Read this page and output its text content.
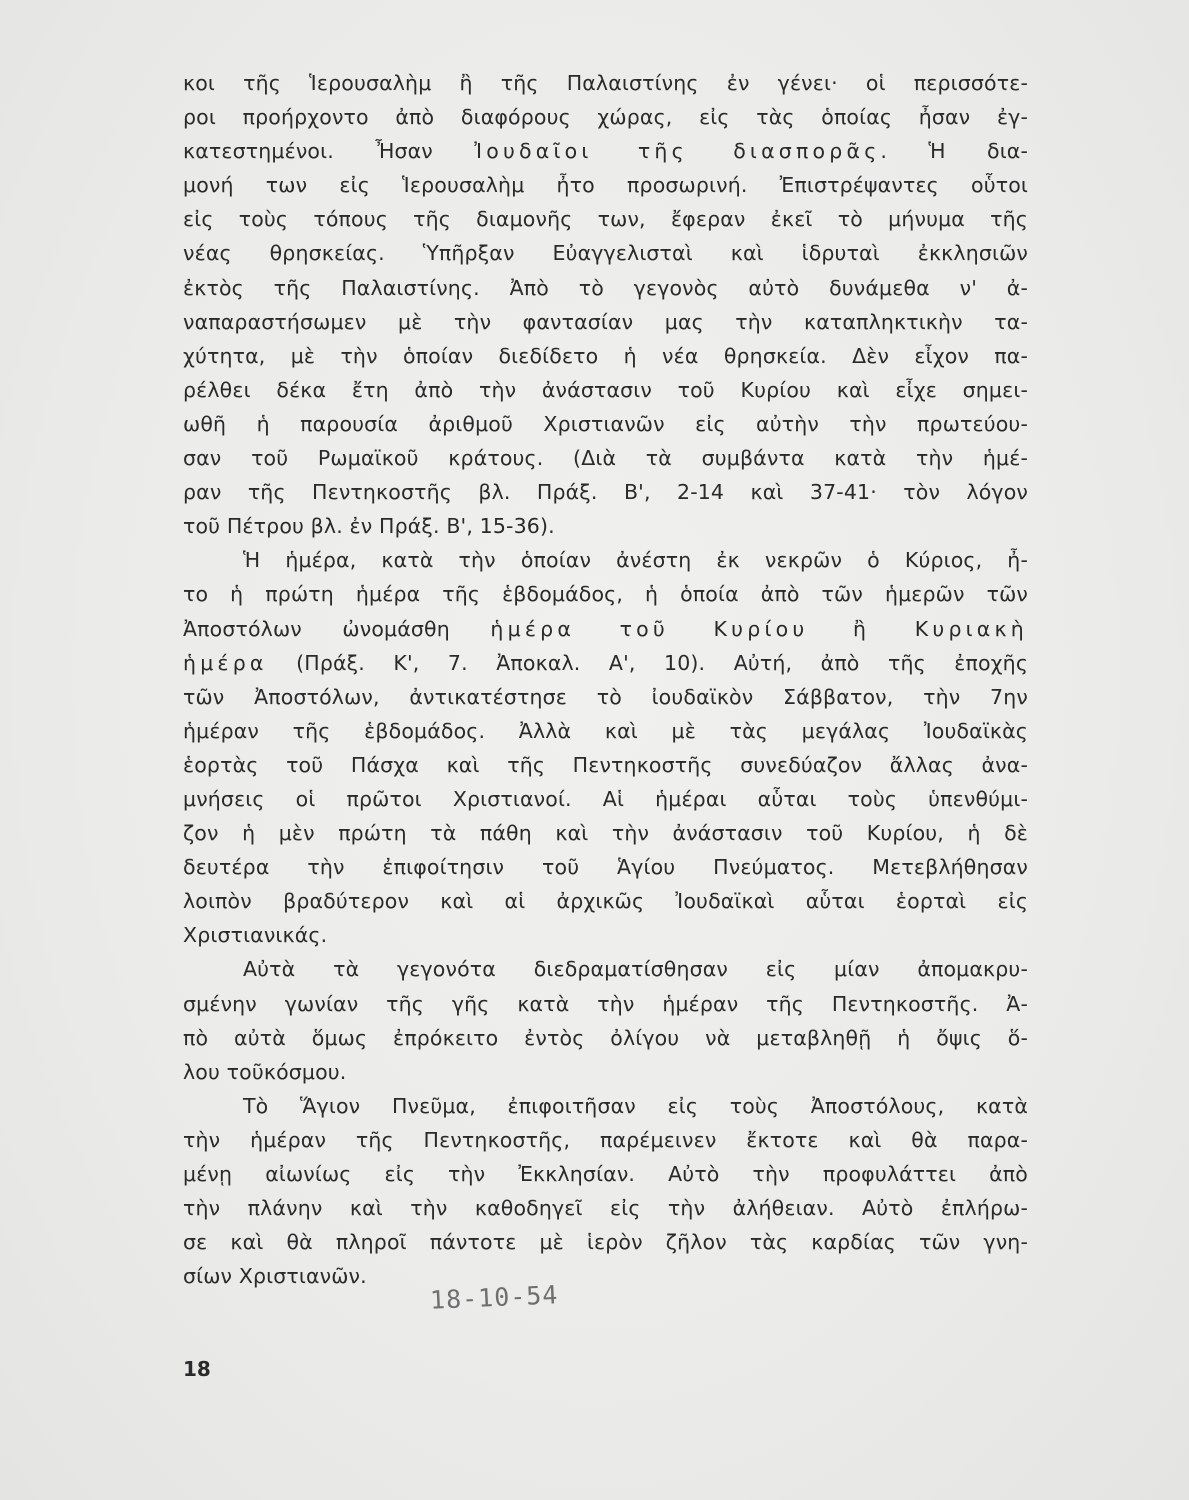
κοι τῆς Ἱερουσαλὴμ ἢ τῆς Παλαιστίνης ἐν γένει· οἱ περισσότε-
ροι προήρχοντο ἀπὸ διαφόρους χώρας, εἰς τὰς ὁποίας ἦσαν ἐγ-
κατεστημένοι. Ἦσαν Ἰουδαῖοι τῆς διασπορᾶς. Ἡ δια-
μονή των εἰς Ἱερουσαλὴμ ἦτο προσωρινή. Ἐπιστρέψαντες οὗτοι
εἰς τοὺς τόπους τῆς διαμονῆς των, ἔφεραν ἐκεῖ τὸ μήνυμα τῆς
νέας θρησκείας. Ὑπῆρξαν Εὐαγγελισταὶ καὶ ἱδρυταὶ ἐκκλησιῶν
ἐκτὸς τῆς Παλαιστίνης. Ἀπὸ τὸ γεγονὸς αὐτὸ δυνάμεθα ν' ἀ-
ναπαραστήσωμεν μὲ τὴν φαντασίαν μας τὴν καταπληκτικὴν τα-
χύτητα, μὲ τὴν ὁποίαν διεδίδετο ἡ νέα θρησκεία. Δὲν εἶχον πα-
ρέλθει δέκα ἔτη ἀπὸ τὴν ἀνάστασιν τοῦ Κυρίου καὶ εἶχε σημει-
ωθῆ ἡ παρουσία ἀριθμοῦ Χριστιανῶν εἰς αὐτὴν τὴν πρωτεύου-
σαν τοῦ Ρωμαϊκοῦ κράτους. (Διὰ τὰ συμβάντα κατὰ τὴν ἡμέ-
ραν τῆς Πεντηκοστῆς βλ. Πράξ. Β', 2-14 καὶ 37-41· τὸν λόγον
τοῦ Πέτρου βλ. ἐν Πράξ. Β', 15-36).
Ἡ ἡμέρα, κατὰ τὴν ὁποίαν ἀνέστη ἐκ νεκρῶν ὁ Κύριος, ἦ-
το ἡ πρώτη ἡμέρα τῆς ἑβδομάδος, ἡ ὁποία ἀπὸ τῶν ἡμερῶν τῶν
Ἀποστόλων ὠνομάσθη ἡμέρα τοῦ Κυρίου ἢ Κυριακὴ
ἡμέρα (Πράξ. Κ', 7. Ἀποκαλ. Α', 10). Αὐτή, ἀπὸ τῆς ἐποχῆς
τῶν Ἀποστόλων, ἀντικατέστησε τὸ ἰουδαϊκὸν Σάββατον, τὴν 7ην
ἡμέραν τῆς ἑβδομάδος. Ἀλλὰ καὶ μὲ τὰς μεγάλας Ἰουδαϊκὰς
ἑορτὰς τοῦ Πάσχα καὶ τῆς Πεντηκοστῆς συνεδύαζον ἄλλας ἀνα-
μνήσεις οἱ πρῶτοι Χριστιανοί. Αἱ ἡμέραι αὗται τοὺς ὑπενθύμι-
ζον ἡ μὲν πρώτη τὰ πάθη καὶ τὴν ἀνάστασιν τοῦ Κυρίου, ἡ δὲ
δευτέρα τὴν ἐπιφοίτησιν τοῦ Ἁγίου Πνεύματος. Μετεβλήθησαν
λοιπὸν βραδύτερον καὶ αἱ ἀρχικῶς Ἰουδαϊκαὶ αὗται ἑορταὶ εἰς
Χριστιανικάς.
Αὐτὰ τὰ γεγονότα διεδραματίσθησαν εἰς μίαν ἀπομακρυ-
σμένην γωνίαν τῆς γῆς κατὰ τὴν ἡμέραν τῆς Πεντηκοστῆς. Ἀ-
πὸ αὐτὰ ὅμως ἐπρόκειτο ἐντὸς ὀλίγου νὰ μεταβληθῇ ἡ ὄψις ὅ-
λου τοῦκόσμου.
Τὸ Ἅγιον Πνεῦμα, ἐπιφοιτῆσαν εἰς τοὺς Ἀποστόλους, κατὰ
τὴν ἡμέραν τῆς Πεντηκοστῆς, παρέμεινεν ἔκτοτε καὶ θὰ παρα-
μένῃ αἰωνίως εἰς τὴν Ἐκκλησίαν. Αὐτὸ τὴν προφυλάττει ἀπὸ
τὴν πλάνην καὶ τὴν καθοδηγεῖ εἰς τὴν ἀλήθειαν. Αὐτὸ ἐπλήρω-
σε καὶ θὰ πληροῖ πάντοτε μὲ ἱερὸν ζῆλον τὰς καρδίας τῶν γνη-
σίων Χριστιανῶν.
18-10-54
18
